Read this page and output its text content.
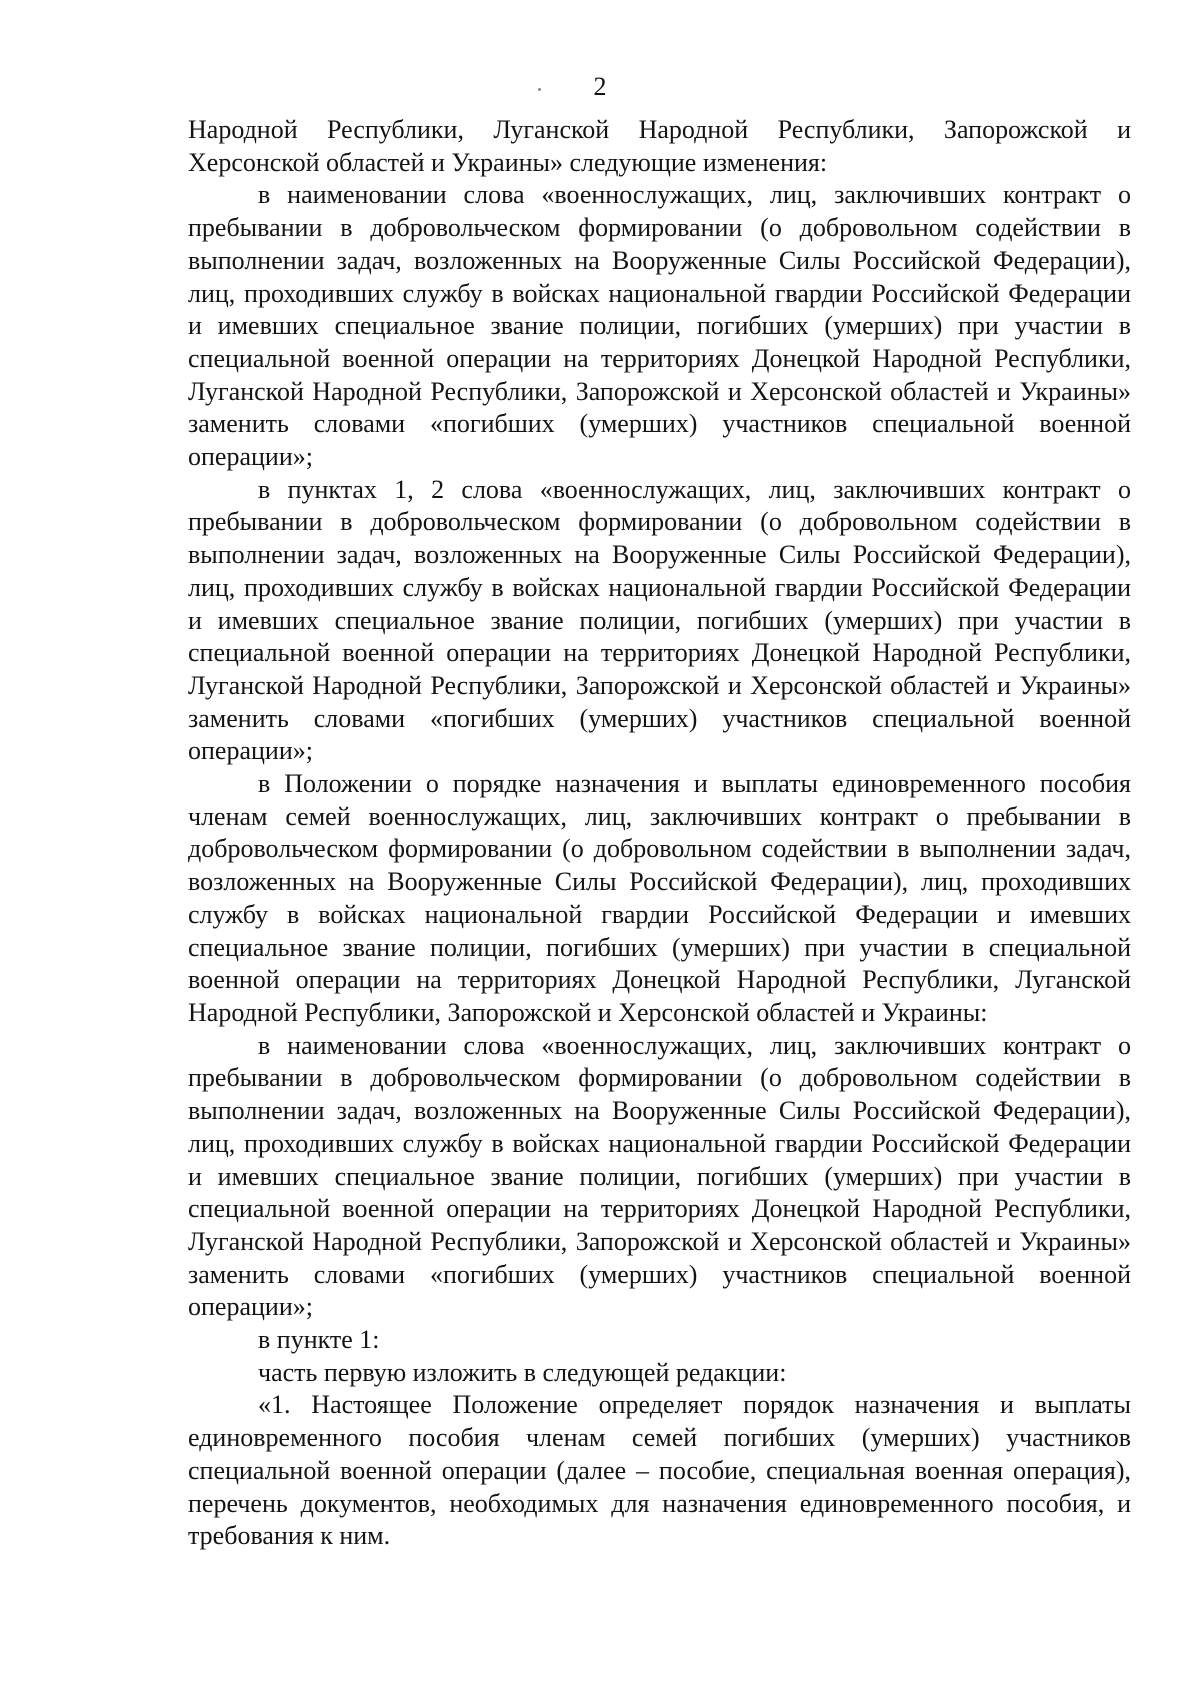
2

Народной Республики, Луганской Народной Республики, Запорожской и Херсонской областей и Украины» следующие изменения:

в наименовании слова «военнослужащих, лиц, заключивших контракт о пребывании в добровольческом формировании (о добровольном содействии в выполнении задач, возложенных на Вооруженные Силы Российской Федерации), лиц, проходивших службу в войсках национальной гвардии Российской Федерации и имевших специальное звание полиции, погибших (умерших) при участии в специальной военной операции на территориях Донецкой Народной Республики, Луганской Народной Республики, Запорожской и Херсонской областей и Украины» заменить словами «погибших (умерших) участников специальной военной операции»;

в пунктах 1, 2 слова «военнослужащих, лиц, заключивших контракт о пребывании в добровольческом формировании (о добровольном содействии в выполнении задач, возложенных на Вооруженные Силы Российской Федерации), лиц, проходивших службу в войсках национальной гвардии Российской Федерации и имевших специальное звание полиции, погибших (умерших) при участии в специальной военной операции на территориях Донецкой Народной Республики, Луганской Народной Республики, Запорожской и Херсонской областей и Украины» заменить словами «погибших (умерших) участников специальной военной операции»;

в Положении о порядке назначения и выплаты единовременного пособия членам семей военнослужащих, лиц, заключивших контракт о пребывании в добровольческом формировании (о добровольном содействии в выполнении задач, возложенных на Вооруженные Силы Российской Федерации), лиц, проходивших службу в войсках национальной гвардии Российской Федерации и имевших специальное звание полиции, погибших (умерших) при участии в специальной военной операции на территориях Донецкой Народной Республики, Луганской Народной Республики, Запорожской и Херсонской областей и Украины:

в наименовании слова «военнослужащих, лиц, заключивших контракт о пребывании в добровольческом формировании (о добровольном содействии в выполнении задач, возложенных на Вооруженные Силы Российской Федерации), лиц, проходивших службу в войсках национальной гвардии Российской Федерации и имевших специальное звание полиции, погибших (умерших) при участии в специальной военной операции на территориях Донецкой Народной Республики, Луганской Народной Республики, Запорожской и Херсонской областей и Украины» заменить словами «погибших (умерших) участников специальной военной операции»;

в пункте 1:

часть первую изложить в следующей редакции:

«1. Настоящее Положение определяет порядок назначения и выплаты единовременного пособия членам семей погибших (умерших) участников специальной военной операции (далее – пособие, специальная военная операция), перечень документов, необходимых для назначения единовременного пособия, и требования к ним.
